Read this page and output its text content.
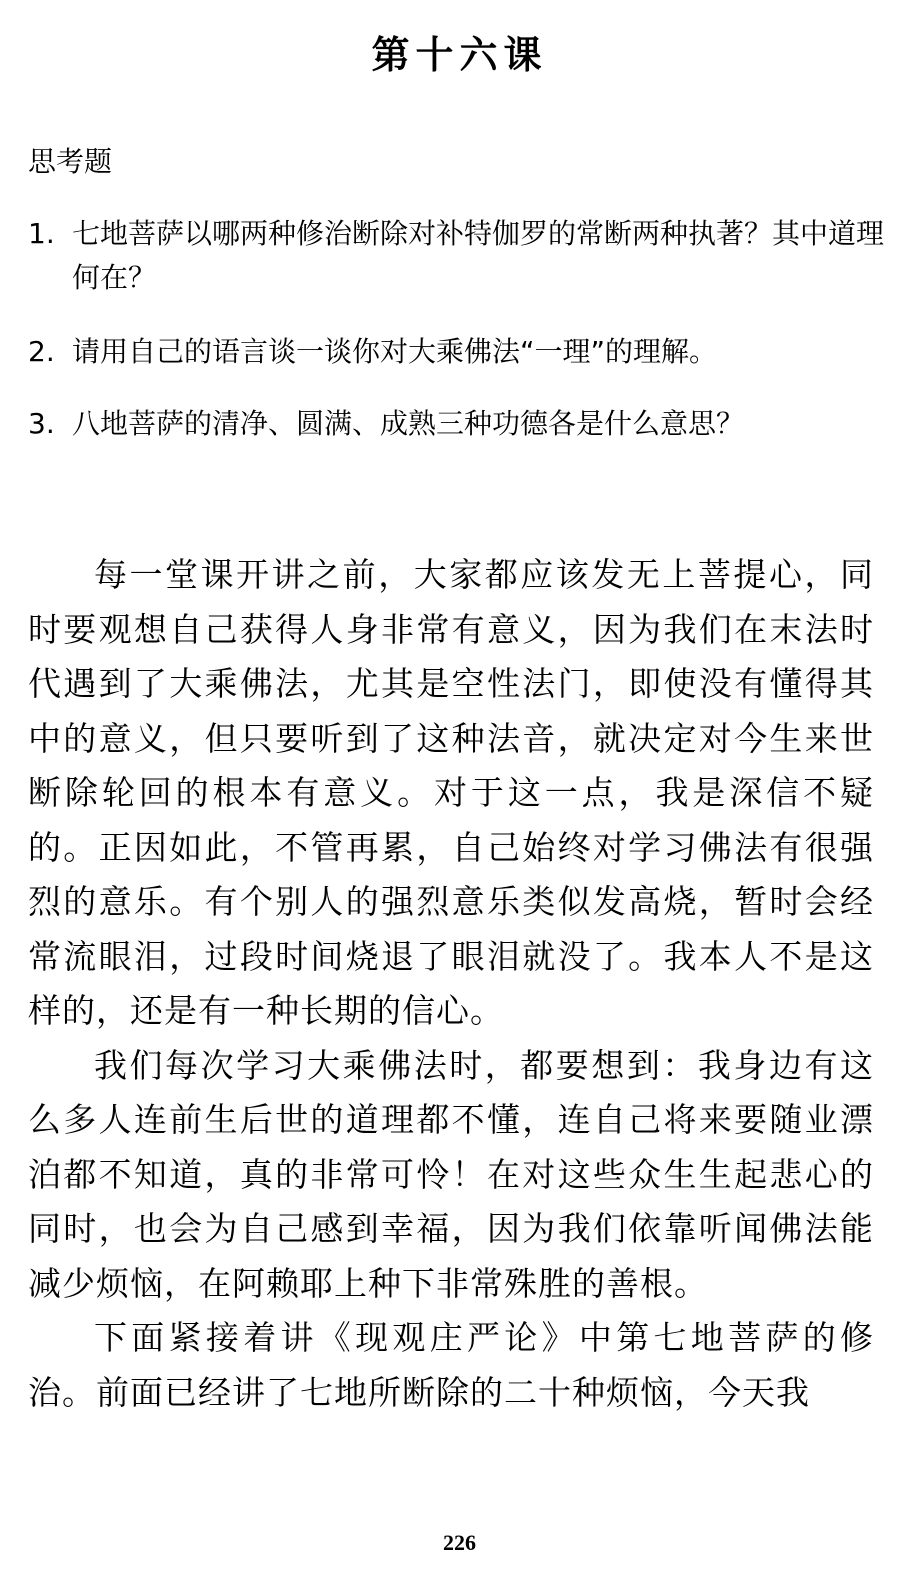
第十六课
思考题
1. 七地菩萨以哪两种修治断除对补特伽罗的常断两种执著？其中道理何在？
2. 请用自己的语言谈一谈你对大乘佛法“一理”的理解。
3. 八地菩萨的清净、圆满、成熟三种功德各是什么意思？

每一堂课开讲之前，大家都应该发无上菩提心，同时要观想自己获得人身非常有意义，因为我们在末法时代遇到了大乘佛法，尤其是空性法门，即使没有懂得其中的意义，但只要听到了这种法音，就决定对今生来世断除轮回的根本有意义。对于这一点，我是深信不疑的。正因如此，不管再累，自己始终对学习佛法有很强烈的意乐。有个别人的强烈意乐类似发高烧，暂时会经常流眼泪，过段时间烧退了眼泪就没了。我本人不是这样的，还是有一种长期的信心。

我们每次学习大乘佛法时，都要想到：我身边有这么多人连前生后世的道理都不懂，连自己将来要随业漂泊都不知道，真的非常可怜！在对这些众生生起悲心的同时，也会为自己感到幸福，因为我们依靠听闻佛法能减少烦恼，在阿赖耶上种下非常殊胜的善根。

下面紧接着讲《现观庄严论》中第七地菩萨的修治。前面已经讲了七地所断除的二十种烦恼，今天我

226
